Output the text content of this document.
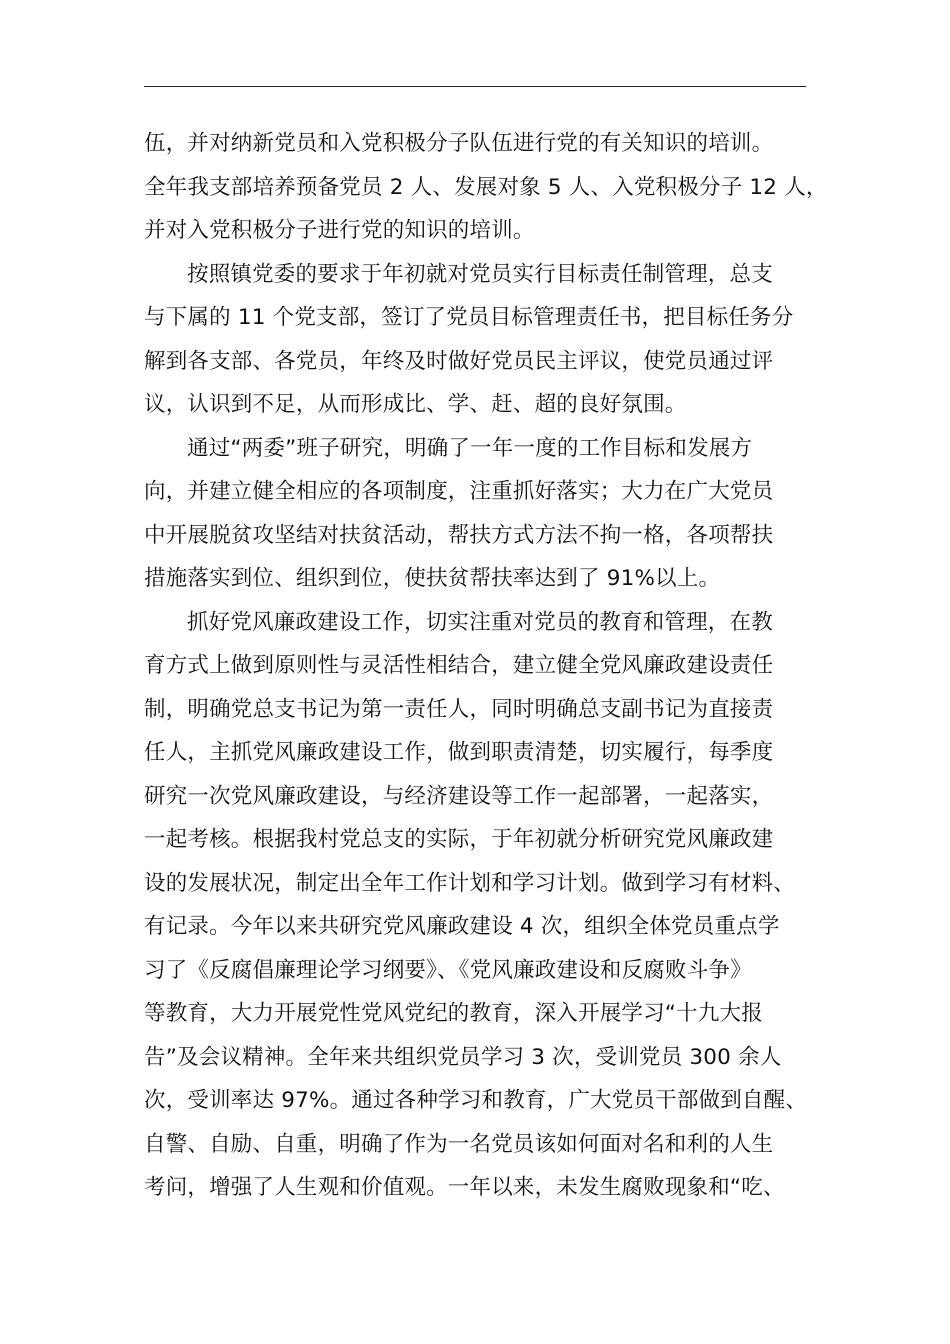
伍，并对纳新党员和入党积极分子队伍进行党的有关知识的培训。
全年我支部培养预备党员 2 人、发展对象 5 人、入党积极分子 12 人，
并对入党积极分子进行党的知识的培训。
按照镇党委的要求于年初就对党员实行目标责任制管理，总支
与下属的 11 个党支部，签订了党员目标管理责任书，把目标任务分
解到各支部、各党员，年终及时做好党员民主评议，使党员通过评
议，认识到不足，从而形成比、学、赶、超的良好氛围。
通过“两委”班子研究，明确了一年一度的工作目标和发展方
向，并建立健全相应的各项制度，注重抓好落实；大力在广大党员
中开展脱贫攻坚结对扶贫活动，帮扶方式方法不拘一格，各项帮扶
措施落实到位、组织到位，使扶贫帮扶率达到了 91%以上。
抓好党风廉政建设工作，切实注重对党员的教育和管理，在教
育方式上做到原则性与灵活性相结合，建立健全党风廉政建设责任
制，明确党总支书记为第一责任人，同时明确总支副书记为直接责
任人，主抓党风廉政建设工作，做到职责清楚，切实履行，每季度
研究一次党风廉政建设，与经济建设等工作一起部署，一起落实，
一起考核。根据我村党总支的实际，于年初就分析研究党风廉政建
设的发展状况，制定出全年工作计划和学习计划。做到学习有材料、
有记录。今年以来共研究党风廉政建设 4 次，组织全体党员重点学
习了《反腐倡廉理论学习纲要》、《党风廉政建设和反腐败斗争》
等教育，大力开展党性党风党纪的教育，深入开展学习“十九大报
告”及会议精神。全年来共组织党员学习 3 次，受训党员 300 余人
次，受训率达 97%。通过各种学习和教育，广大党员干部做到自醒、
自警、自励、自重，明确了作为一名党员该如何面对名和利的人生
考问，增强了人生观和价值观。一年以来，未发生腐败现象和“吃、
